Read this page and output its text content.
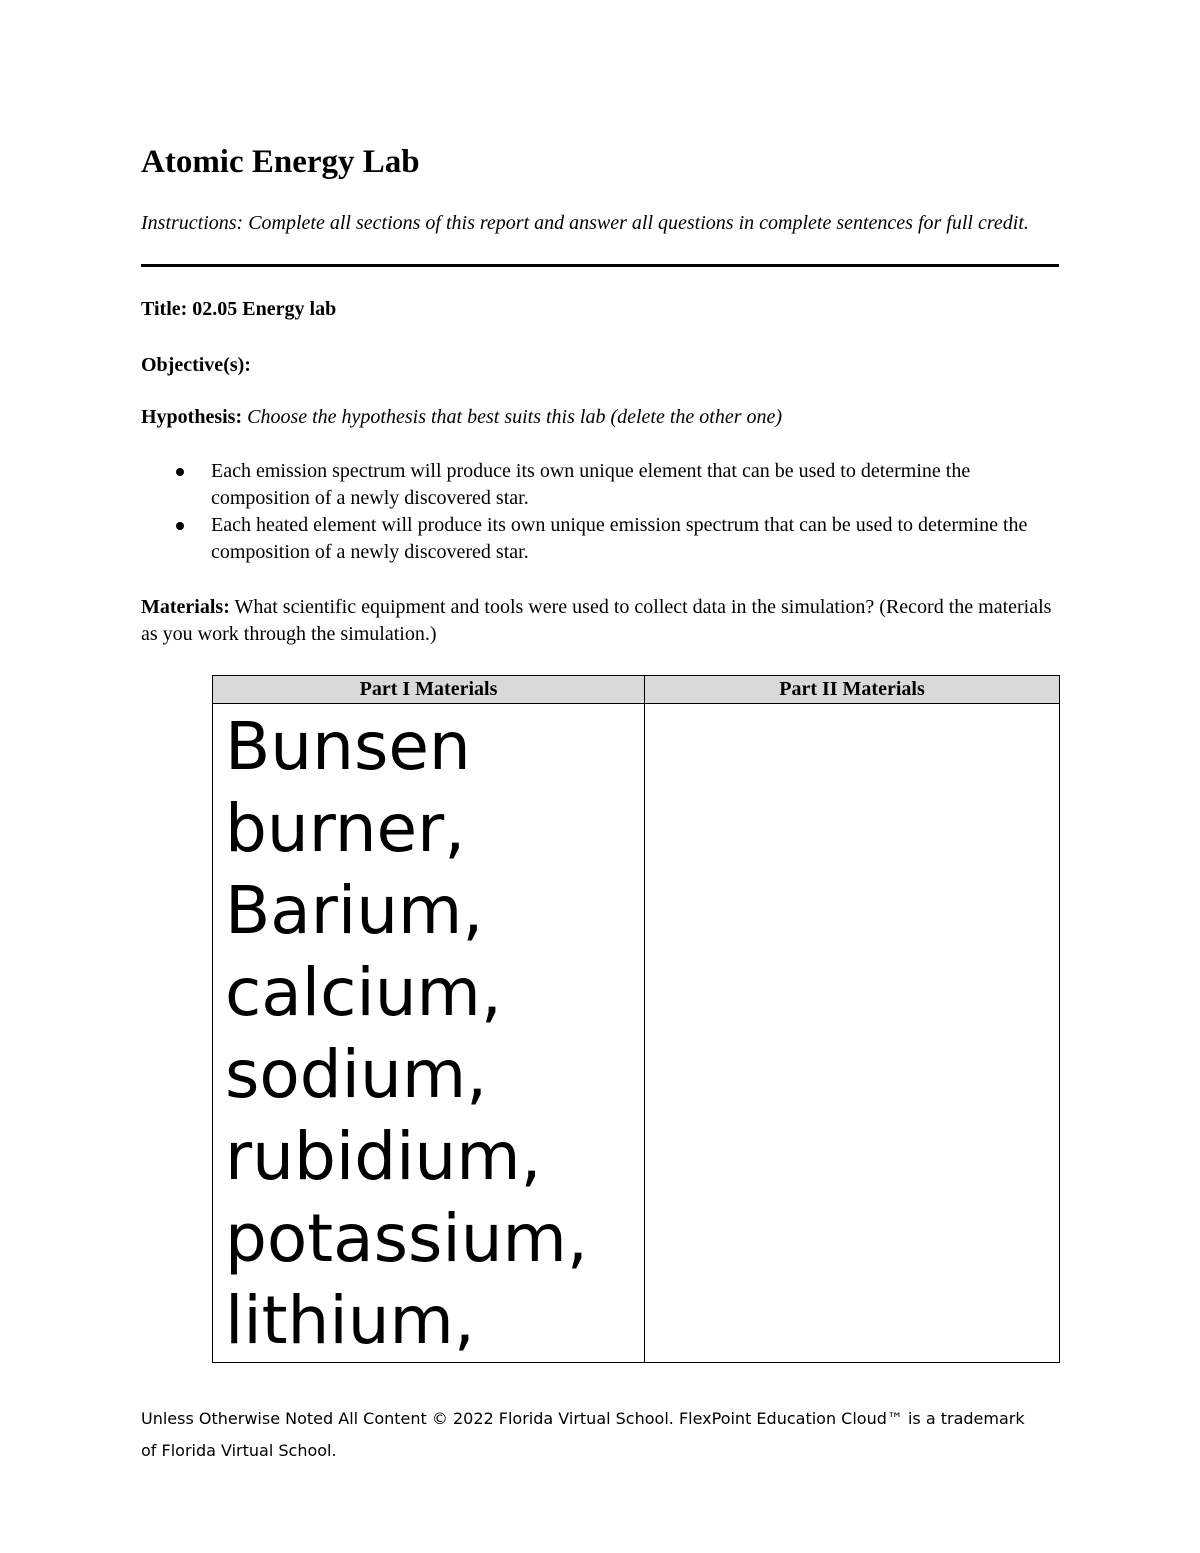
Atomic Energy Lab
Instructions: Complete all sections of this report and answer all questions in complete sentences for full credit.
Title: 02.05 Energy lab
Objective(s):
Hypothesis: Choose the hypothesis that best suits this lab (delete the other one)
Each emission spectrum will produce its own unique element that can be used to determine the composition of a newly discovered star.
Each heated element will produce its own unique emission spectrum that can be used to determine the composition of a newly discovered star.
Materials: What scientific equipment and tools were used to collect data in the simulation? (Record the materials as you work through the simulation.)
Part I Materials	Part II Materials
Bunsen burner, Barium, calcium, sodium, rubidium, potassium, lithium,	
Unless Otherwise Noted All Content © 2022 Florida Virtual School. FlexPoint Education Cloud™ is a trademark of Florida Virtual School.
